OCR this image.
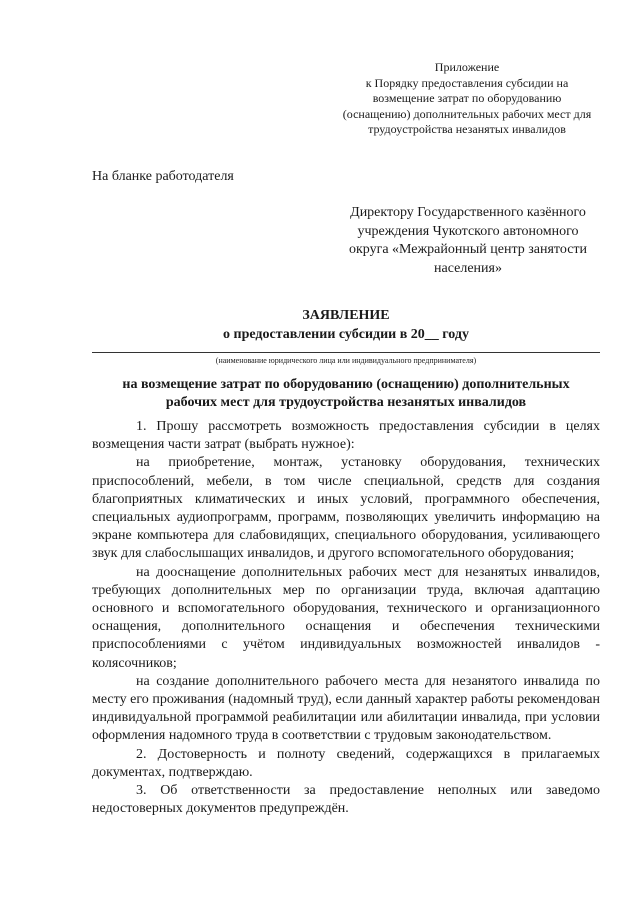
Приложение
к Порядку предоставления субсидии на
возмещение затрат по оборудованию
(оснащению) дополнительных рабочих мест для
трудоустройства незанятых инвалидов
На бланке работодателя
Директору Государственного казённого
учреждения Чукотского автономного
округа «Межрайонный центр занятости
населения»
ЗАЯВЛЕНИЕ
о предоставлении субсидии в 20__ году
(наименование юридического лица или индивидуального предпринимателя)
на возмещение затрат по оборудованию (оснащению) дополнительных
рабочих мест для трудоустройства незанятых инвалидов

1. Прошу рассмотреть возможность предоставления субсидии в целях возмещения части затрат (выбрать нужное):

на приобретение, монтаж, установку оборудования, технических приспособлений, мебели, в том числе специальной, средств для создания благоприятных климатических и иных условий, программного обеспечения, специальных аудиопрограмм, программ, позволяющих увеличить информацию на экране компьютера для слабовидящих, специального оборудования, усиливающего звук для слабослышащих инвалидов, и другого вспомогательного оборудования;

на дооснащение дополнительных рабочих мест для незанятых инвалидов, требующих дополнительных мер по организации труда, включая адаптацию основного и вспомогательного оборудования, технического и организационного оснащения, дополнительного оснащения и обеспечения техническими приспособлениями с учётом индивидуальных возможностей инвалидов - колясочников;

на создание дополнительного рабочего места для незанятого инвалида по месту его проживания (надомный труд), если данный характер работы рекомендован индивидуальной программой реабилитации или абилитации инвалида, при условии оформления надомного труда в соответствии с трудовым законодательством.

2. Достоверность и полноту сведений, содержащихся в прилагаемых документах, подтверждаю.

3. Об ответственности за предоставление неполных или заведомо недостоверных документов предупреждён.
